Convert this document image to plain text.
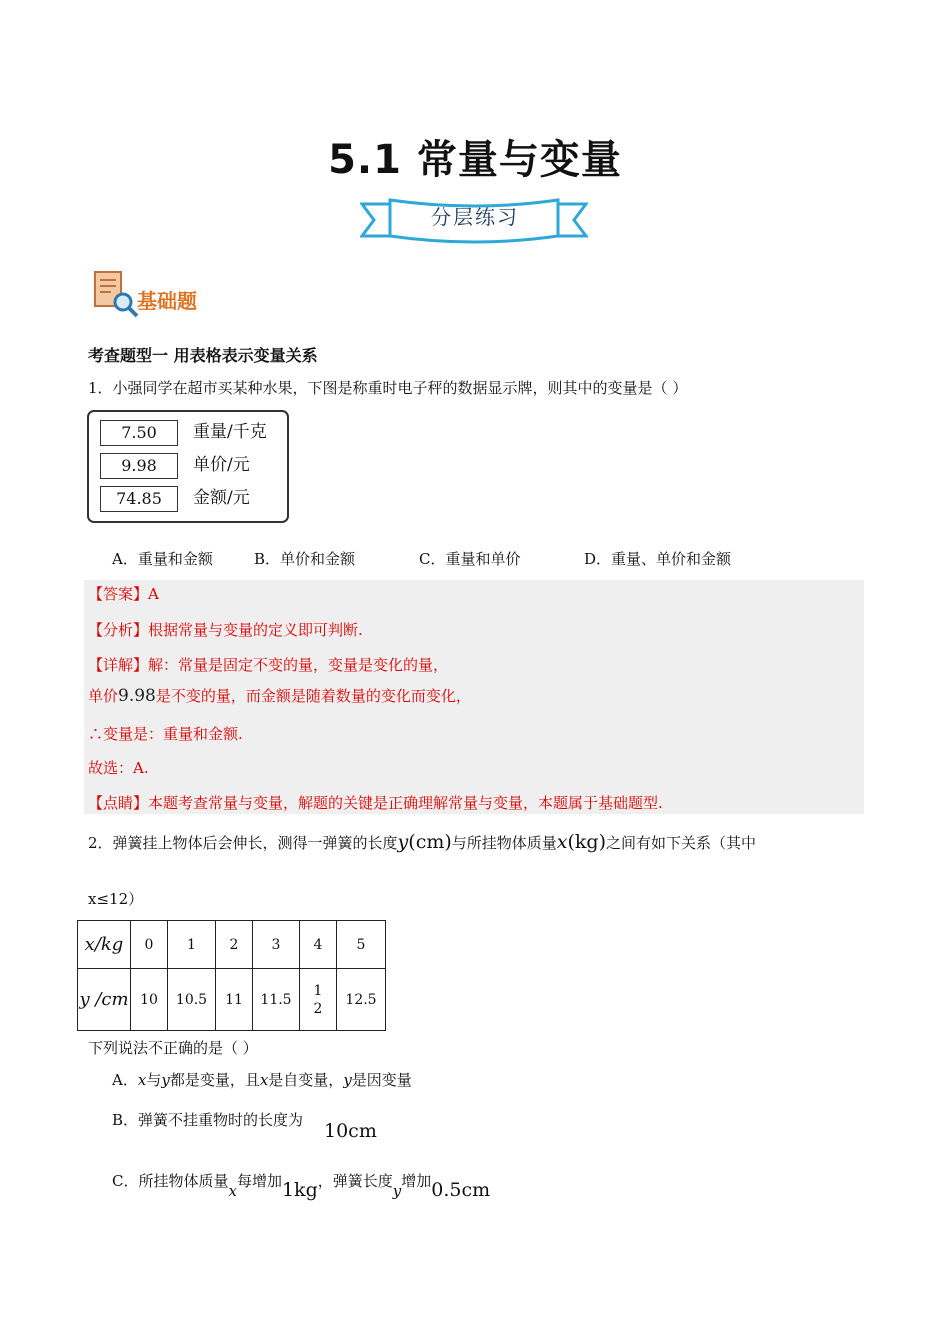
5.1 常量与变量
分层练习
基础题
考查题型一 用表格表示变量关系
1．小强同学在超市买某种水果，下图是称重时电子秤的数据显示牌，则其中的变量是（ ）
7.50	重量/千克
9.98	单价/元
74.85	金额/元
A．重量和金额	B．单价和金额	C．重量和单价	D．重量、单价和金额
【答案】A
【分析】根据常量与变量的定义即可判断.
【详解】解：常量是固定不变的量，变量是变化的量，
单价9.98是不变的量，而金额是随着数量的变化而变化，
∴变量是：重量和金额.
故选：A.
【点睛】本题考查常量与变量，解题的关键是正确理解常量与变量，本题属于基础题型.
2．弹簧挂上物体后会伸长，测得一弹簧的长度y(cm)与所挂物体质量x(kg)之间有如下关系（其中
x≤12）
x/kg	0	1	2	3	4	5
y /cm	10	10.5	11	11.5	12	12.5
下列说法不正确的是（ ）
A．x与y都是变量，且x是自变量，y是因变量
B．弹簧不挂重物时的长度为 10cm
C．所挂物体质量x每增加1kg，弹簧长度y增加0.5cm
